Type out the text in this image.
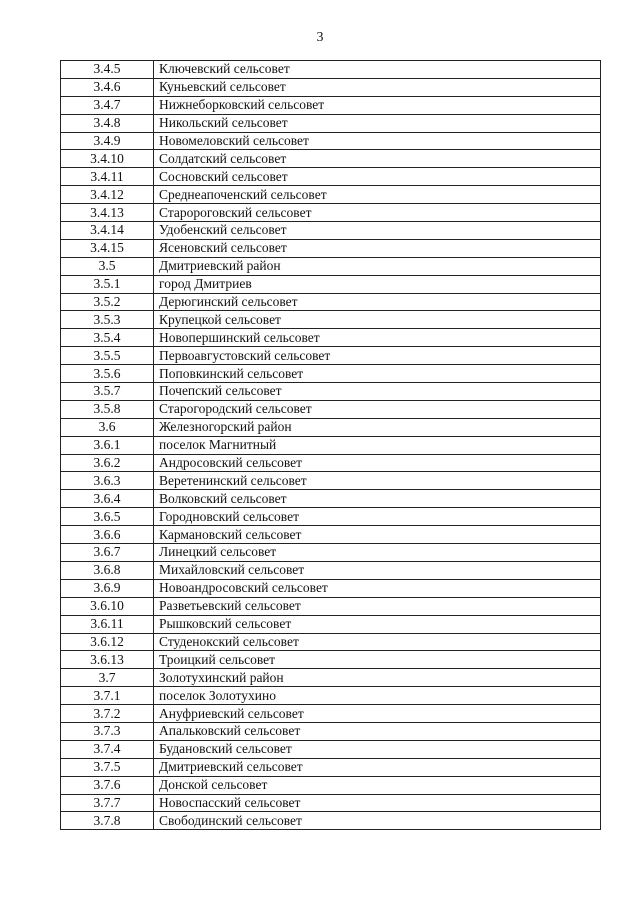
3
3.4.5	Ключевский сельсовет
3.4.6	Куньевский сельсовет
3.4.7	Нижнеборковский сельсовет
3.4.8	Никольский сельсовет
3.4.9	Новомеловский сельсовет
3.4.10	Солдатский сельсовет
3.4.11	Сосновский сельсовет
3.4.12	Среднеапоченский сельсовет
3.4.13	Старороговский сельсовет
3.4.14	Удобенский сельсовет
3.4.15	Ясеновский сельсовет
3.5	Дмитриевский район
3.5.1	город Дмитриев
3.5.2	Дерюгинский сельсовет
3.5.3	Крупецкой сельсовет
3.5.4	Новопершинский сельсовет
3.5.5	Первоавгустовский сельсовет
3.5.6	Поповкинский сельсовет
3.5.7	Почепский сельсовет
3.5.8	Старогородский сельсовет
3.6	Железногорский район
3.6.1	поселок Магнитный
3.6.2	Андросовский сельсовет
3.6.3	Веретенинский сельсовет
3.6.4	Волковский сельсовет
3.6.5	Городновский сельсовет
3.6.6	Кармановский сельсовет
3.6.7	Линецкий сельсовет
3.6.8	Михайловский сельсовет
3.6.9	Новоандросовский сельсовет
3.6.10	Разветьевский сельсовет
3.6.11	Рышковский сельсовет
3.6.12	Студенокский сельсовет
3.6.13	Троицкий сельсовет
3.7	Золотухинский район
3.7.1	поселок Золотухино
3.7.2	Ануфриевский сельсовет
3.7.3	Апальковский сельсовет
3.7.4	Будановский сельсовет
3.7.5	Дмитриевский сельсовет
3.7.6	Донской сельсовет
3.7.7	Новоспасский сельсовет
3.7.8	Свободинский сельсовет
